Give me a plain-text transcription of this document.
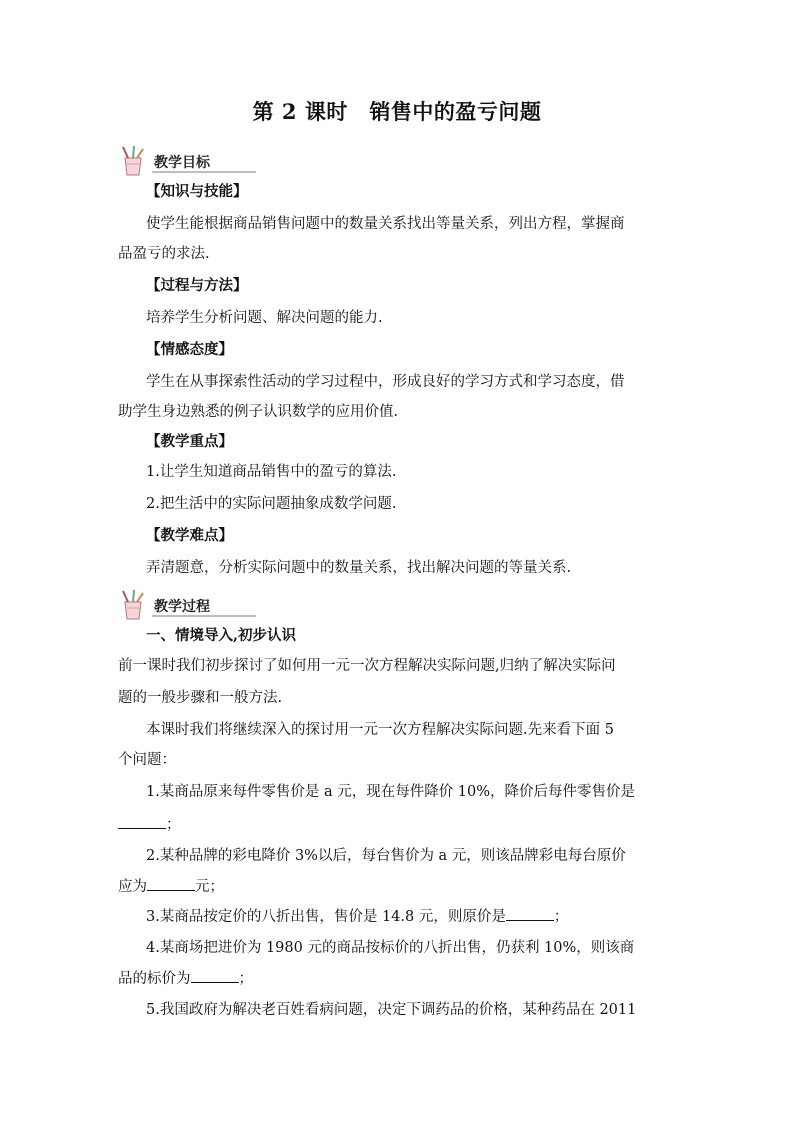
第 2 课时　销售中的盈亏问题
教学目标
【知识与技能】
使学生能根据商品销售问题中的数量关系找出等量关系，列出方程，掌握商
品盈亏的求法.
【过程与方法】
培养学生分析问题、解决问题的能力.
【情感态度】
学生在从事探索性活动的学习过程中，形成良好的学习方式和学习态度，借
助学生身边熟悉的例子认识数学的应用价值.
【教学重点】
1.让学生知道商品销售中的盈亏的算法.
2.把生活中的实际问题抽象成数学问题.
【教学难点】
弄清题意，分析实际问题中的数量关系，找出解决问题的等量关系.
教学过程
一、情境导入,初步认识
前一课时我们初步探讨了如何用一元一次方程解决实际问题,归纳了解决实际问
题的一般步骤和一般方法.
本课时我们将继续深入的探讨用一元一次方程解决实际问题.先来看下面 5
个问题：
1.某商品原来每件零售价是 a 元，现在每件降价 10%，降价后每件零售价是
；
2.某种品牌的彩电降价 3%以后，每台售价为 a 元，则该品牌彩电每台原价
应为	元；
3.某商品按定价的八折出售，售价是 14.8 元，则原价是	；
4.某商场把进价为 1980 元的商品按标价的八折出售，仍获利 10%，则该商
品的标价为	；
5.我国政府为解决老百姓看病问题，决定下调药品的价格，某种药品在 2011
